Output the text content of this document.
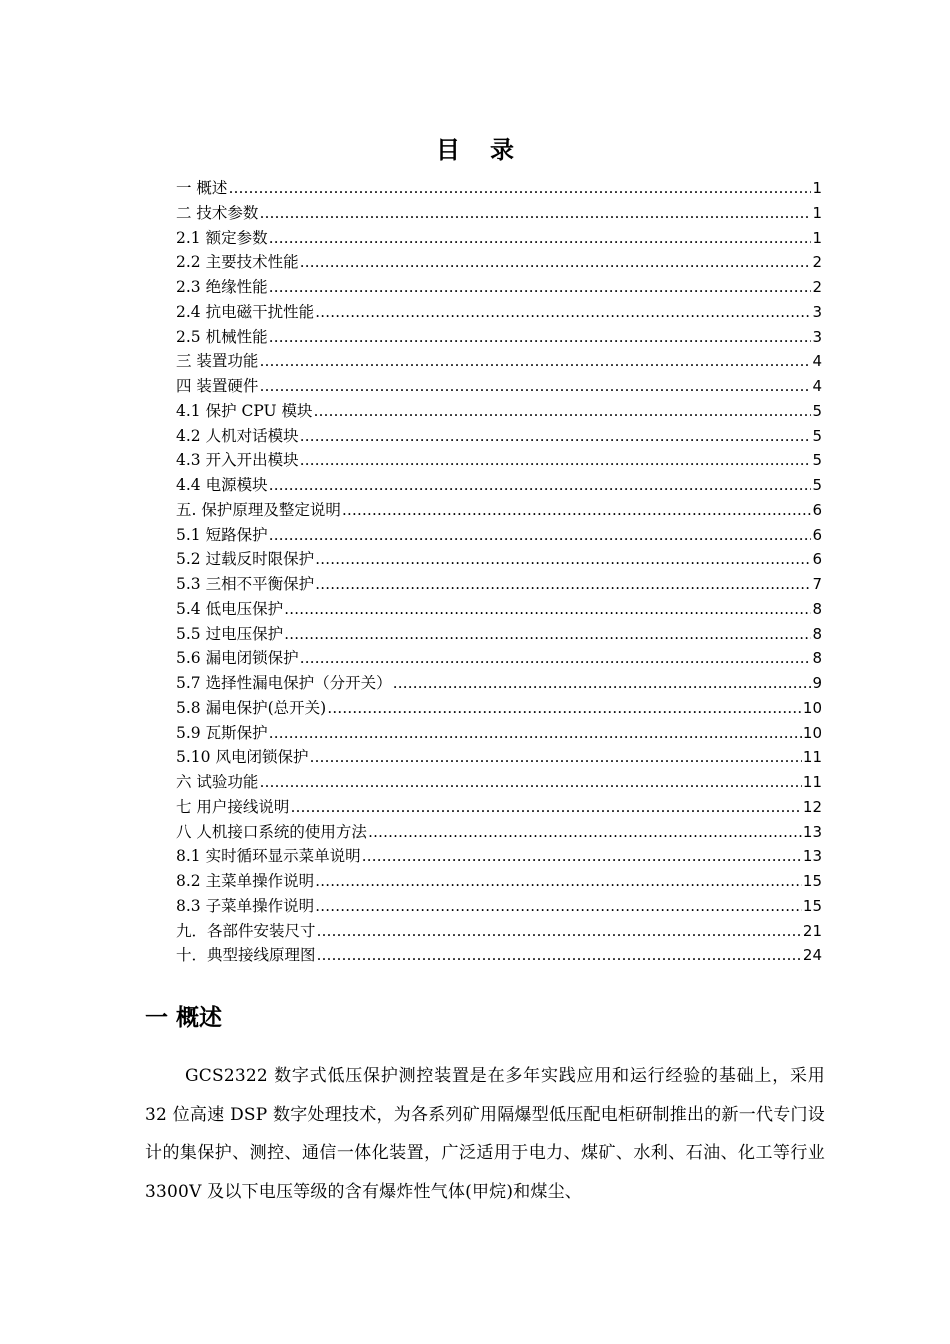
目 录
一 概述 ……………………………………………………………………………………………………………………………………………………………………………………………………	1
二 技术参数 ……………………………………………………………………………………………………………………………………………………………………………………………………	1
2.1 额定参数 ……………………………………………………………………………………………………………………………………………………………………………………………………	1
2.2 主要技术性能 ……………………………………………………………………………………………………………………………………………………………………………………………………	2
2.3 绝缘性能 ……………………………………………………………………………………………………………………………………………………………………………………………………	2
2.4 抗电磁干扰性能 ……………………………………………………………………………………………………………………………………………………………………………………………………	3
2.5 机械性能 ……………………………………………………………………………………………………………………………………………………………………………………………………	3
三 装置功能 ……………………………………………………………………………………………………………………………………………………………………………………………………	4
四 装置硬件 ……………………………………………………………………………………………………………………………………………………………………………………………………	4
4.1 保护 CPU 模块 ……………………………………………………………………………………………………………………………………………………………………………………………………	5
4.2 人机对话模块 ……………………………………………………………………………………………………………………………………………………………………………………………………	5
4.3 开入开出模块 ……………………………………………………………………………………………………………………………………………………………………………………………………	5
4.4 电源模块 ……………………………………………………………………………………………………………………………………………………………………………………………………	5
五. 保护原理及整定说明 ……………………………………………………………………………………………………………………………………………………………………………………………………	6
5.1 短路保护 ……………………………………………………………………………………………………………………………………………………………………………………………………	6
5.2 过载反时限保护 ……………………………………………………………………………………………………………………………………………………………………………………………………	6
5.3 三相不平衡保护 ……………………………………………………………………………………………………………………………………………………………………………………………………	7
5.4 低电压保护 ……………………………………………………………………………………………………………………………………………………………………………………………………	8
5.5 过电压保护 ……………………………………………………………………………………………………………………………………………………………………………………………………	8
5.6 漏电闭锁保护 ……………………………………………………………………………………………………………………………………………………………………………………………………	8
5.7 选择性漏电保护（分开关） ……………………………………………………………………………………………………………………………………………………………………………………………………	9
5.8 漏电保护(总开关) ……………………………………………………………………………………………………………………………………………………………………………………………………	10
5.9 瓦斯保护 ……………………………………………………………………………………………………………………………………………………………………………………………………	10
5.10 风电闭锁保护 ……………………………………………………………………………………………………………………………………………………………………………………………………	11
六 试验功能 ……………………………………………………………………………………………………………………………………………………………………………………………………	11
七 用户接线说明 ……………………………………………………………………………………………………………………………………………………………………………………………………	12
八 人机接口系统的使用方法 ……………………………………………………………………………………………………………………………………………………………………………………………………	13
8.1 实时循环显示菜单说明 ……………………………………………………………………………………………………………………………………………………………………………………………………	13
8.2 主菜单操作说明 ……………………………………………………………………………………………………………………………………………………………………………………………………	15
8.3 子菜单操作说明 ……………………………………………………………………………………………………………………………………………………………………………………………………	15
九．各部件安装尺寸 ……………………………………………………………………………………………………………………………………………………………………………………………………	21
十．典型接线原理图 ……………………………………………………………………………………………………………………………………………………………………………………………………	24
一 概述
GCS2322 数字式低压保护测控装置是在多年实践应用和运行经验的基础上，采用 32 位高速 DSP 数字处理技术，为各系列矿用隔爆型低压配电柜研制推出的新一代专门设计的集保护、测控、通信一体化装置，广泛适用于电力、煤矿、水利、石油、化工等行业 3300V 及以下电压等级的含有爆炸性气体(甲烷)和煤尘、
